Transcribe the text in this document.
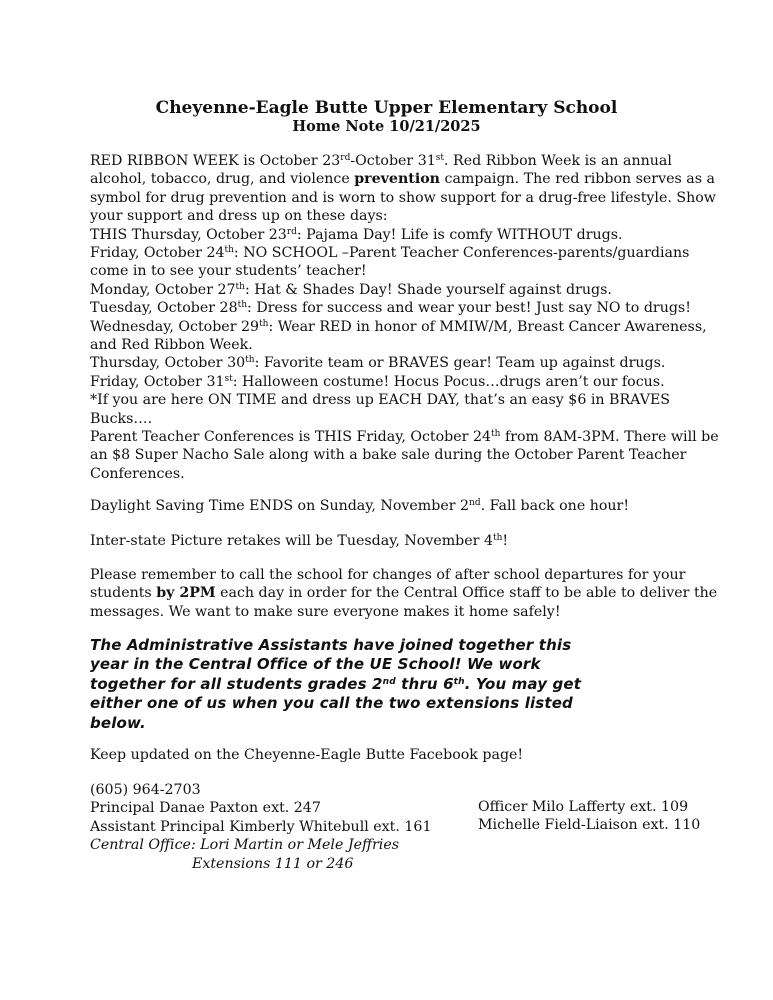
Cheyenne-Eagle Butte Upper Elementary School
Home Note 10/21/2025
RED RIBBON WEEK is October 23rd-October 31st. Red Ribbon Week is an annual
alcohol, tobacco, drug, and violence prevention campaign. The red ribbon serves as a
symbol for drug prevention and is worn to show support for a drug-free lifestyle. Show
your support and dress up on these days:
THIS Thursday, October 23rd: Pajama Day! Life is comfy WITHOUT drugs.
Friday, October 24th: NO SCHOOL –Parent Teacher Conferences-parents/guardians
come in to see your students’ teacher!
Monday, October 27th: Hat & Shades Day! Shade yourself against drugs.
Tuesday, October 28th: Dress for success and wear your best! Just say NO to drugs!
Wednesday, October 29th: Wear RED in honor of MMIW/M, Breast Cancer Awareness,
and Red Ribbon Week.
Thursday, October 30th: Favorite team or BRAVES gear! Team up against drugs.
Friday, October 31st: Halloween costume! Hocus Pocus…drugs aren’t our focus.
*If you are here ON TIME and dress up EACH DAY, that’s an easy $6 in BRAVES
Bucks….
Parent Teacher Conferences is THIS Friday, October 24th from 8AM-3PM. There will be
an $8 Super Nacho Sale along with a bake sale during the October Parent Teacher
Conferences.
Daylight Saving Time ENDS on Sunday, November 2nd. Fall back one hour!
Inter-state Picture retakes will be Tuesday, November 4th!
Please remember to call the school for changes of after school departures for your
students by 2PM each day in order for the Central Office staff to be able to deliver the
messages. We want to make sure everyone makes it home safely!
The Administrative Assistants have joined together this
year in the Central Office of the UE School! We work
together for all students grades 2nd thru 6th. You may get
either one of us when you call the two extensions listed
below.
Keep updated on the Cheyenne-Eagle Butte Facebook page!
(605) 964-2703
Principal Danae Paxton ext. 247
Assistant Principal Kimberly Whitebull ext. 161
Central Office: Lori Martin or Mele Jeffries
Extensions 111 or 246
Officer Milo Lafferty ext. 109
Michelle Field-Liaison ext. 110
